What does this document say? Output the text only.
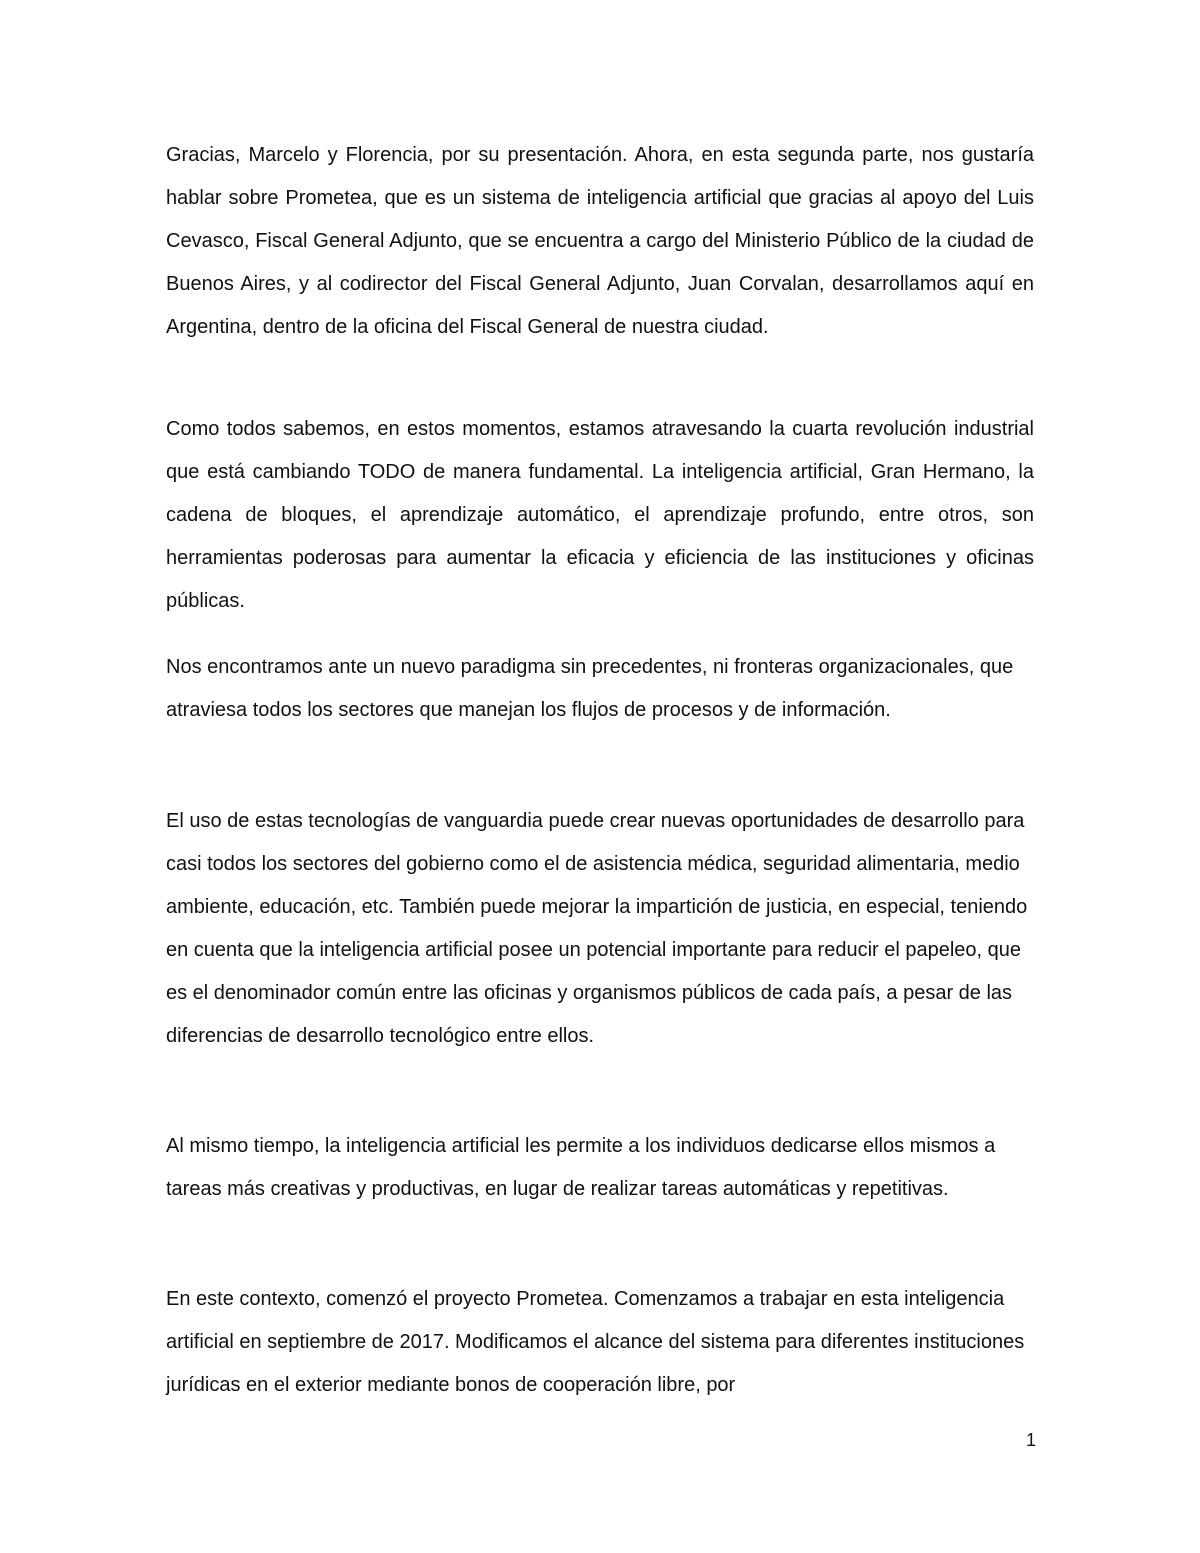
Gracias, Marcelo y Florencia, por su presentación. Ahora, en esta segunda parte, nos gustaría hablar sobre Prometea, que es un sistema de inteligencia artificial que gracias al apoyo del Luis Cevasco, Fiscal General Adjunto, que se encuentra a cargo del Ministerio Público de la ciudad de Buenos Aires, y al codirector del Fiscal General Adjunto, Juan Corvalan, desarrollamos aquí en Argentina, dentro de la oficina del Fiscal General de nuestra ciudad.

Como todos sabemos, en estos momentos, estamos atravesando la cuarta revolución industrial que está cambiando TODO de manera fundamental. La inteligencia artificial, Gran Hermano, la cadena de bloques, el aprendizaje automático, el aprendizaje profundo, entre otros, son herramientas poderosas para aumentar la eficacia y eficiencia de las instituciones y oficinas públicas.

Nos encontramos ante un nuevo paradigma sin precedentes, ni fronteras organizacionales, que atraviesa todos los sectores que manejan los flujos de procesos y de información.

El uso de estas tecnologías de vanguardia puede crear nuevas oportunidades de desarrollo para casi todos los sectores del gobierno como el de asistencia médica, seguridad alimentaria, medio ambiente, educación, etc. También puede mejorar la impartición de justicia, en especial, teniendo en cuenta que la inteligencia artificial posee un potencial importante para reducir el papeleo, que es el denominador común entre las oficinas y organismos públicos de cada país, a pesar de las diferencias de desarrollo tecnológico entre ellos.

Al mismo tiempo, la inteligencia artificial les permite a los individuos dedicarse ellos mismos a tareas más creativas y productivas, en lugar de realizar tareas automáticas y repetitivas.

En este contexto, comenzó el proyecto Prometea. Comenzamos a trabajar en esta inteligencia artificial en septiembre de 2017. Modificamos el alcance del sistema para diferentes instituciones jurídicas en el exterior mediante bonos de cooperación libre, por

1
